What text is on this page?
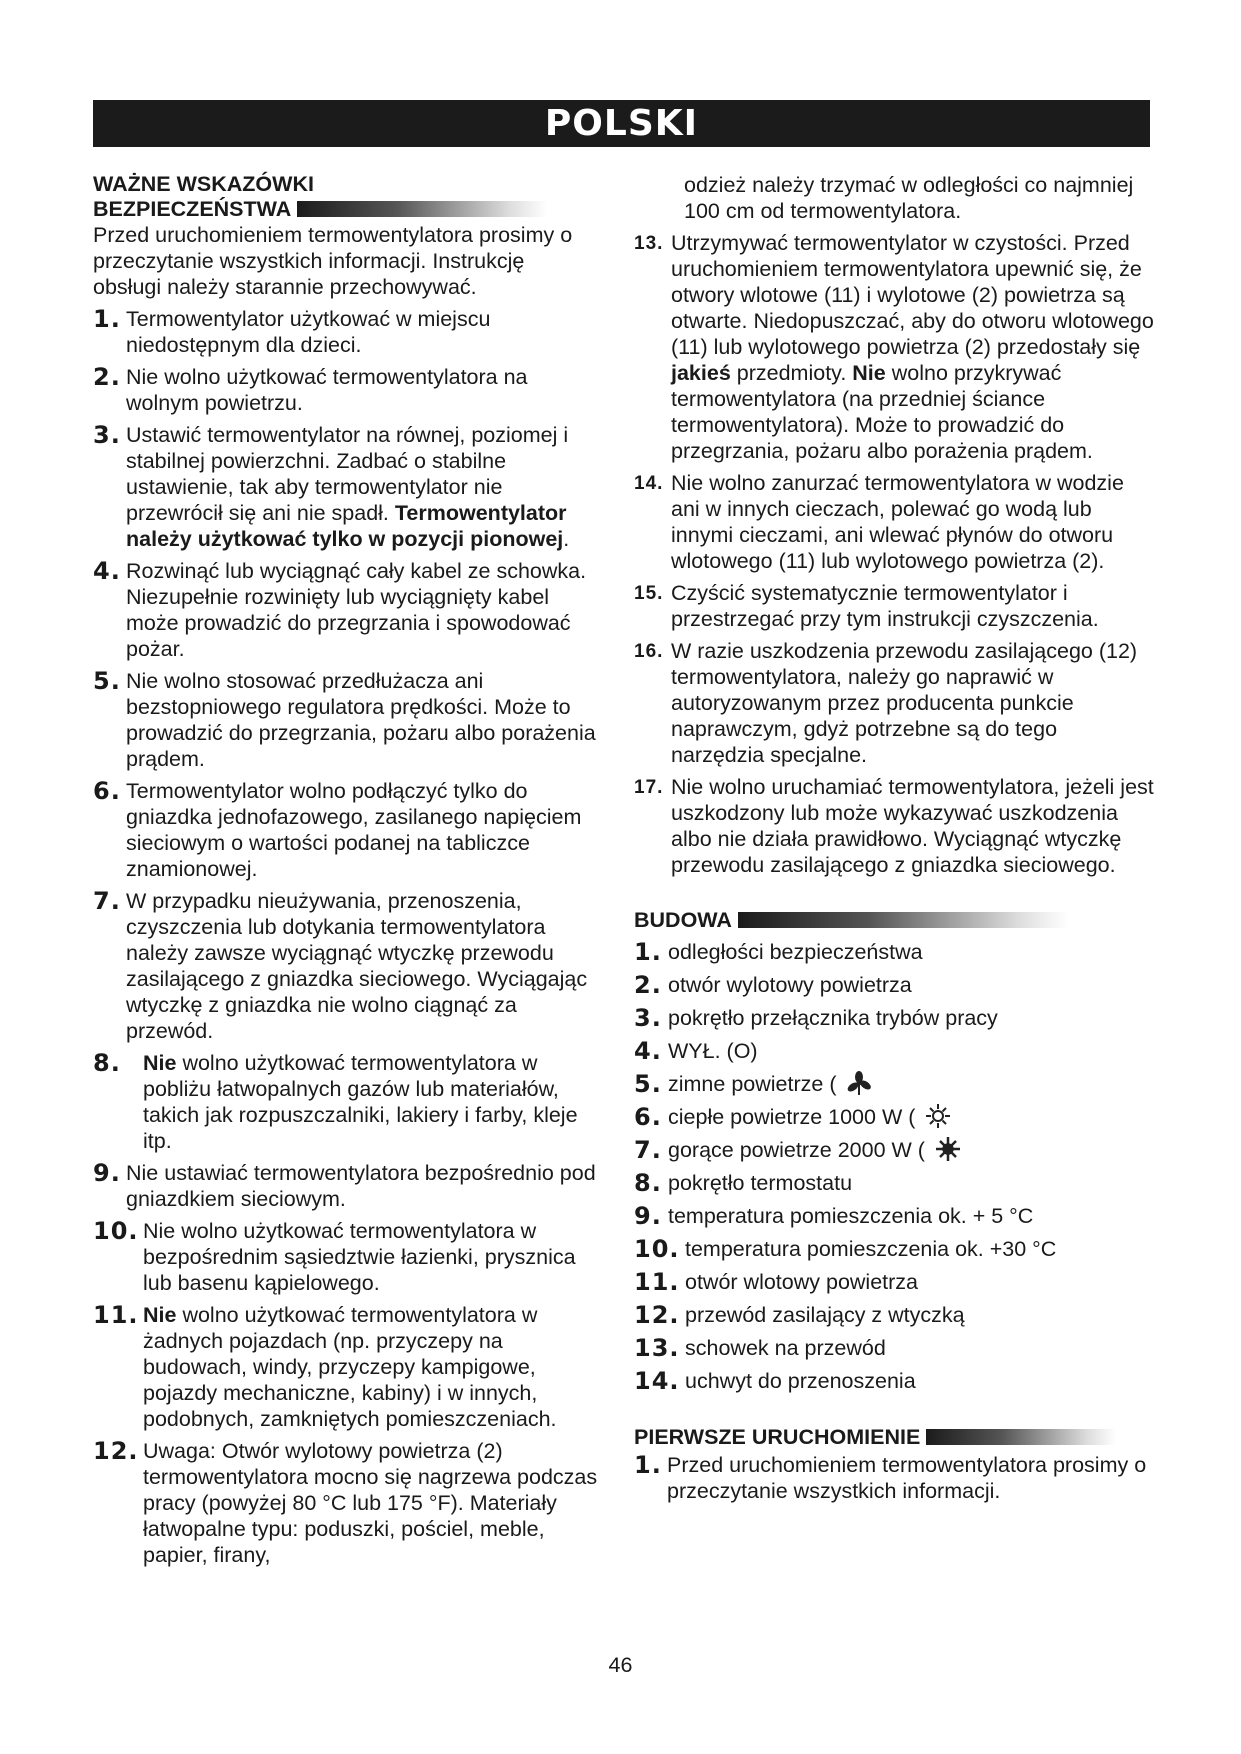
POLSKI
WAŻNE WSKAZÓWKI
BEZPIECZEŃSTWA
Przed uruchomieniem termowentylatora prosimy o przeczytanie wszystkich informacji. Instrukcję obsługi należy starannie przechowywać.
1. Termowentylator użytkować w miejscu niedostępnym dla dzieci.
2. Nie wolno użytkować termowentylatora na wolnym powietrzu.
3. Ustawić termowentylator na równej, poziomej i stabilnej powierzchni. Zadbać o stabilne ustawienie, tak aby termowentylator nie przewrócił się ani nie spadł. Termowentylator należy użytkować tylko w pozycji pionowej.
4. Rozwinąć lub wyciągnąć cały kabel ze schowka. Niezupełnie rozwinięty lub wyciągnięty kabel może prowadzić do przegrzania i spowodować pożar.
5. Nie wolno stosować przedłużacza ani bezstopniowego regulatora prędkości. Może to prowadzić do przegrzania, pożaru albo porażenia prądem.
6. Termowentylator wolno podłączyć tylko do gniazdka jednofazowego, zasilanego napięciem sieciowym o wartości podanej na tabliczce znamionowej.
7. W przypadku nieużywania, przenoszenia, czyszczenia lub dotykania termowentylatora należy zawsze wyciągnąć wtyczkę przewodu zasilającego z gniazdka sieciowego. Wyciągając wtyczkę z gniazdka nie wolno ciągnąć za przewód.
8.	Nie wolno użytkować termowentylatora w pobliżu łatwopalnych gazów lub materiałów, takich jak rozpuszczalniki, lakiery i farby, kleje itp.
9. Nie ustawiać termowentylatora bezpośrednio pod gniazdkiem sieciowym.
10. Nie wolno użytkować termowentylatora w bezpośrednim sąsiedztwie łazienki, prysznica lub basenu kąpielowego.
11. Nie wolno użytkować termowentylatora w żadnych pojazdach (np. przyczepy na budowach, windy, przyczepy kampigowe, pojazdy mechaniczne, kabiny) i w innych, podobnych, zamkniętych pomieszczeniach.
12. Uwaga: Otwór wylotowy powietrza (2) termowentylatora mocno się nagrzewa podczas pracy (powyżej 80 °C lub 175 °F). Materiały łatwopalne typu: poduszki, pościel, meble, papier, firany,
odzież należy trzymać w odległości co najmniej 100 cm od termowentylatora.
13. Utrzymywać termowentylator w czystości. Przed uruchomieniem termowentylatora upewnić się, że otwory wlotowe (11) i wylotowe (2) powietrza są otwarte. Niedopuszczać, aby do otworu wlotowego (11) lub wylotowego powietrza (2) przedostały się jakieś przedmioty. Nie wolno przykrywać termowentylatora (na przedniej ściance termowentylatora). Może to prowadzić do przegrzania, pożaru albo porażenia prądem.
14. Nie wolno zanurzać termowentylatora w wodzie ani w innych cieczach, polewać go wodą lub innymi cieczami, ani wlewać płynów do otworu wlotowego (11) lub wylotowego powietrza (2).
15. Czyścić systematycznie termowentylator i przestrzegać przy tym instrukcji czyszczenia.
16. W razie uszkodzenia przewodu zasilającego (12) termowentylatora, należy go naprawić w autoryzowanym przez producenta punkcie naprawczym, gdyż potrzebne są do tego narzędzia specjalne.
17. Nie wolno uruchamiać termowentylatora, jeżeli jest uszkodzony lub może wykazywać uszkodzenia albo nie działa prawidłowo. Wyciągnąć wtyczkę przewodu zasilającego z gniazdka sieciowego.
BUDOWA
1. odległości bezpieczeństwa
2. otwór wylotowy powietrza
3. pokrętło przełącznika trybów pracy
4. WYŁ. (O)
5. zimne powietrze (
6. ciepłe powietrze 1000 W (
7. gorące powietrze 2000 W (
8. pokrętło termostatu
9. temperatura pomieszczenia ok. + 5 °C
10. temperatura pomieszczenia ok. +30 °C
11. otwór wlotowy powietrza
12. przewód zasilający z wtyczką
13. schowek na przewód
14. uchwyt do przenoszenia
PIERWSZE URUCHOMIENIE
1. Przed uruchomieniem termowentylatora prosimy o przeczytanie wszystkich informacji.
46
